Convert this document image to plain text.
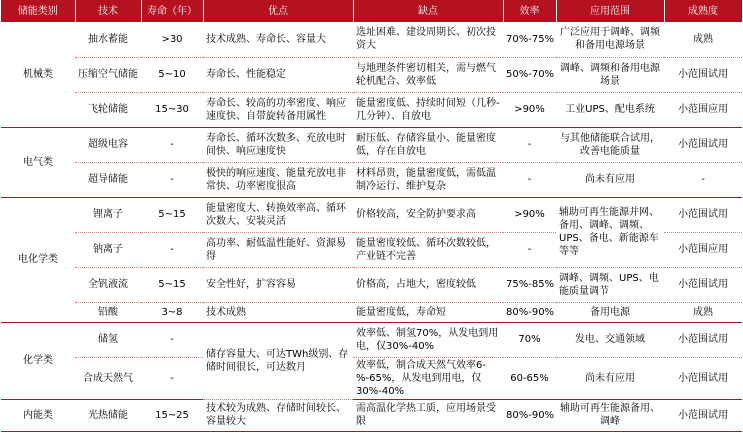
储能类别	技术	寿命（年）	优点	缺点	效率	应用范围	成熟度
机械类	抽水蓄能	>30	技术成熟、寿命长、容量大	选址困难、建设周期长、初次投资大	70%-75%	广泛应用于调峰、调频和备用电源场景	成熟
	压缩空气储能	5~10	寿命长、性能稳定	与地理条件密切相关，需与燃气轮机配合、效率低	50%-70%	调峰、调频和备用电源场景	小范围试用
	飞轮储能	15~30	寿命长、较高的功率密度、响应速度快、自带旋转备用属性	能量密度低、持续时间短（几秒-几分钟）、自放电	>90%	工业UPS、配电系统	小范围应用
电气类	超级电容	-	寿命长、循环次数多、充放电时间快、响应速度快	耐压低、存储容量小、能量密度低，存在自放电	-	与其他储能联合试用，改善电能质量	小范围试用
	超导储能	-	极快的响应速度、能量充放电非常快、功率密度很高	材料昂贵，能量密度低，需低温制冷运行、维护复杂	-	尚未有应用	-
电化学类	锂离子	5~15	能量密度大、转换效率高、循环次数大、安装灵活	价格较高，安全防护要求高	>90%	辅助可再生能源并网、备用、调峰、调频、UPS、备电、新能源车等等	小范围试用
	钠离子	-	高功率、耐低温性能好、资源易得	能量密度较低、循环次数较低，产业链不完善	-		小范围应用
	全钒液流	5~15	安全性好，扩容容易	价格高，占地大，密度较低	75%-85%	调峰、调频、UPS、电能质量调节	小范围试用
	铅酸	3~8	技术成熟	能量密度低，寿命短	80%-90%	备用电源	成熟
化学类	储氢	-	储存容量大、可达TWh级别、存储时间很长，可达数月	效率低、制氢70%，从发电到用电，仅30%-40%	70%	发电、交通领域	小范围试用
	合成天然气	-		效率低，制合成天然气效率6-%-65%，从发电到用电，仅30%-40%	60-65%	尚未有应用	小范围试用
内能类	光热储能	15~25	技术较为成熟、存储时间较长、容量较大	需高温化学热工质，应用场景受限	80%-90%	辅助可再生能源备用、调峰	小范围试用
